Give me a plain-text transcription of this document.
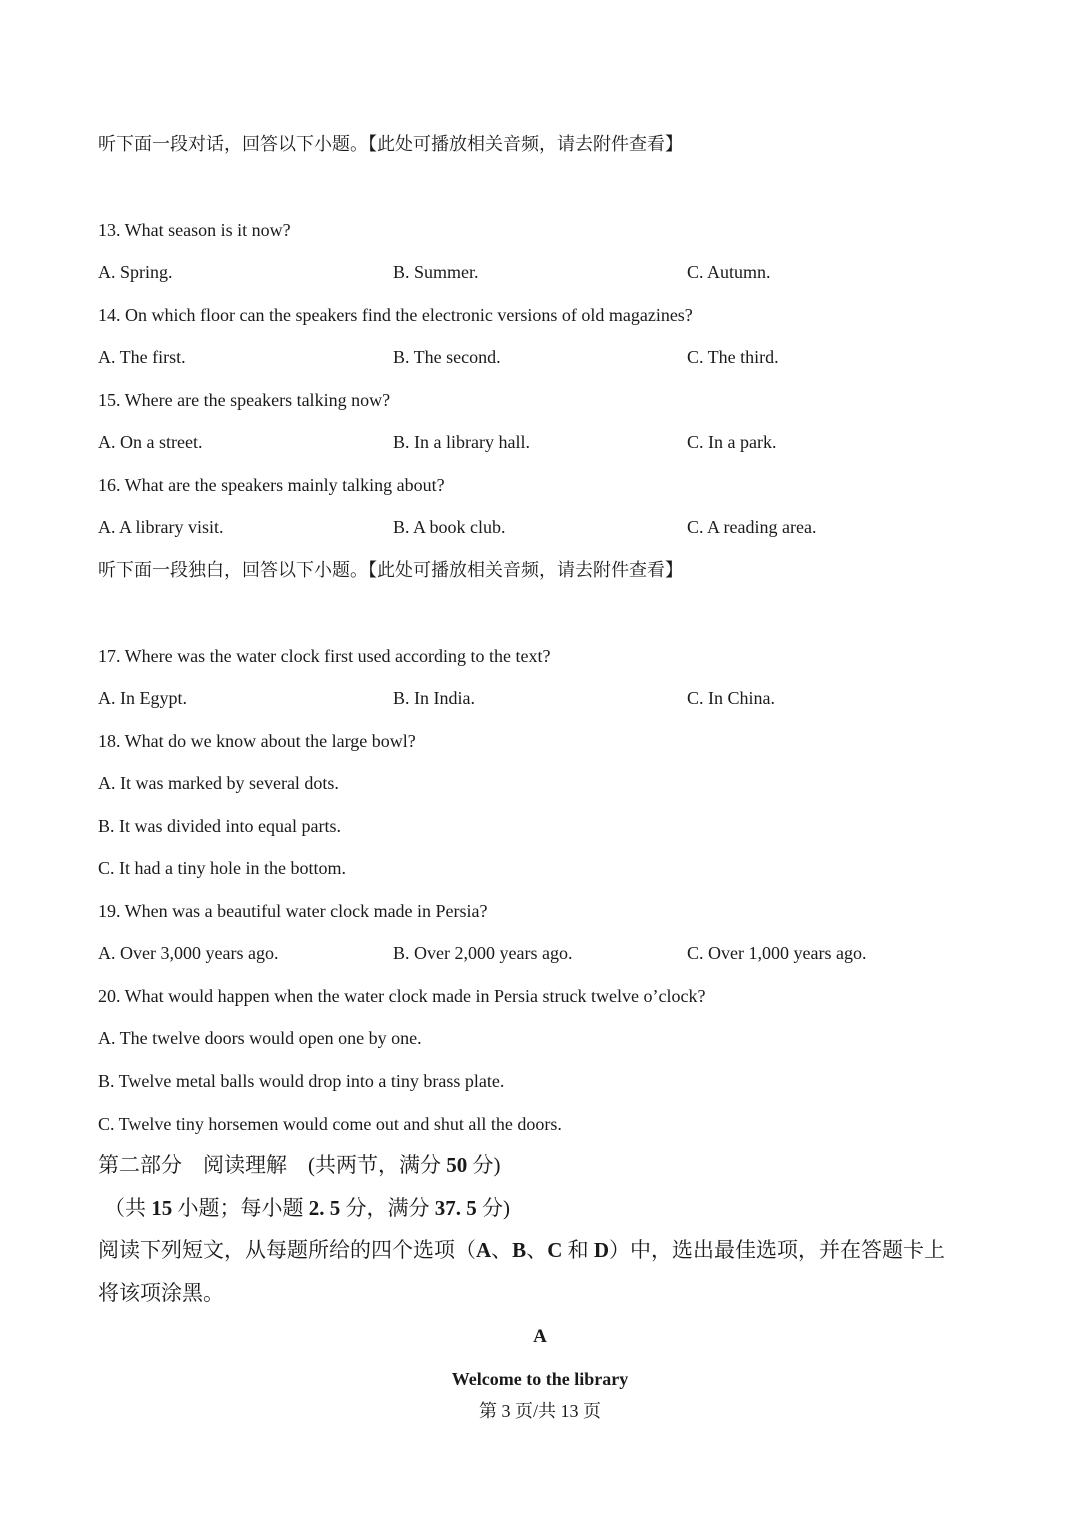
听下面一段对话，回答以下小题。【此处可播放相关音频，请去附件查看】
13. What season is it now?
A. Spring.	B. Summer.	C. Autumn.
14. On which floor can the speakers find the electronic versions of old magazines?
A. The first.	B. The second.	C. The third.
15. Where are the speakers talking now?
A. On a street.	B. In a library hall.	C. In a park.
16. What are the speakers mainly talking about?
A. A library visit.	B. A book club.	C. A reading area.
听下面一段独白，回答以下小题。【此处可播放相关音频，请去附件查看】
17. Where was the water clock first used according to the text?
A. In Egypt.	B. In India.	C. In China.
18. What do we know about the large bowl?
A. It was marked by several dots.
B. It was divided into equal parts.
C. It had a tiny hole in the bottom.
19. When was a beautiful water clock made in Persia?
A. Over 3,000 years ago.	B. Over 2,000 years ago.	C. Over 1,000 years ago.
20. What would happen when the water clock made in Persia struck twelve o’clock?
A. The twelve doors would open one by one.
B. Twelve metal balls would drop into a tiny brass plate.
C. Twelve tiny horsemen would come out and shut all the doors.
第二部分    阅读理解    (共两节，满分 50 分)
（共 15 小题；每小题 2. 5 分，满分 37. 5 分)
阅读下列短文，从每题所给的四个选项（A、B、C 和 D）中，选出最佳选项，并在答题卡上
将该项涂黑。
A
Welcome to the library
第 3 页/共 13 页
